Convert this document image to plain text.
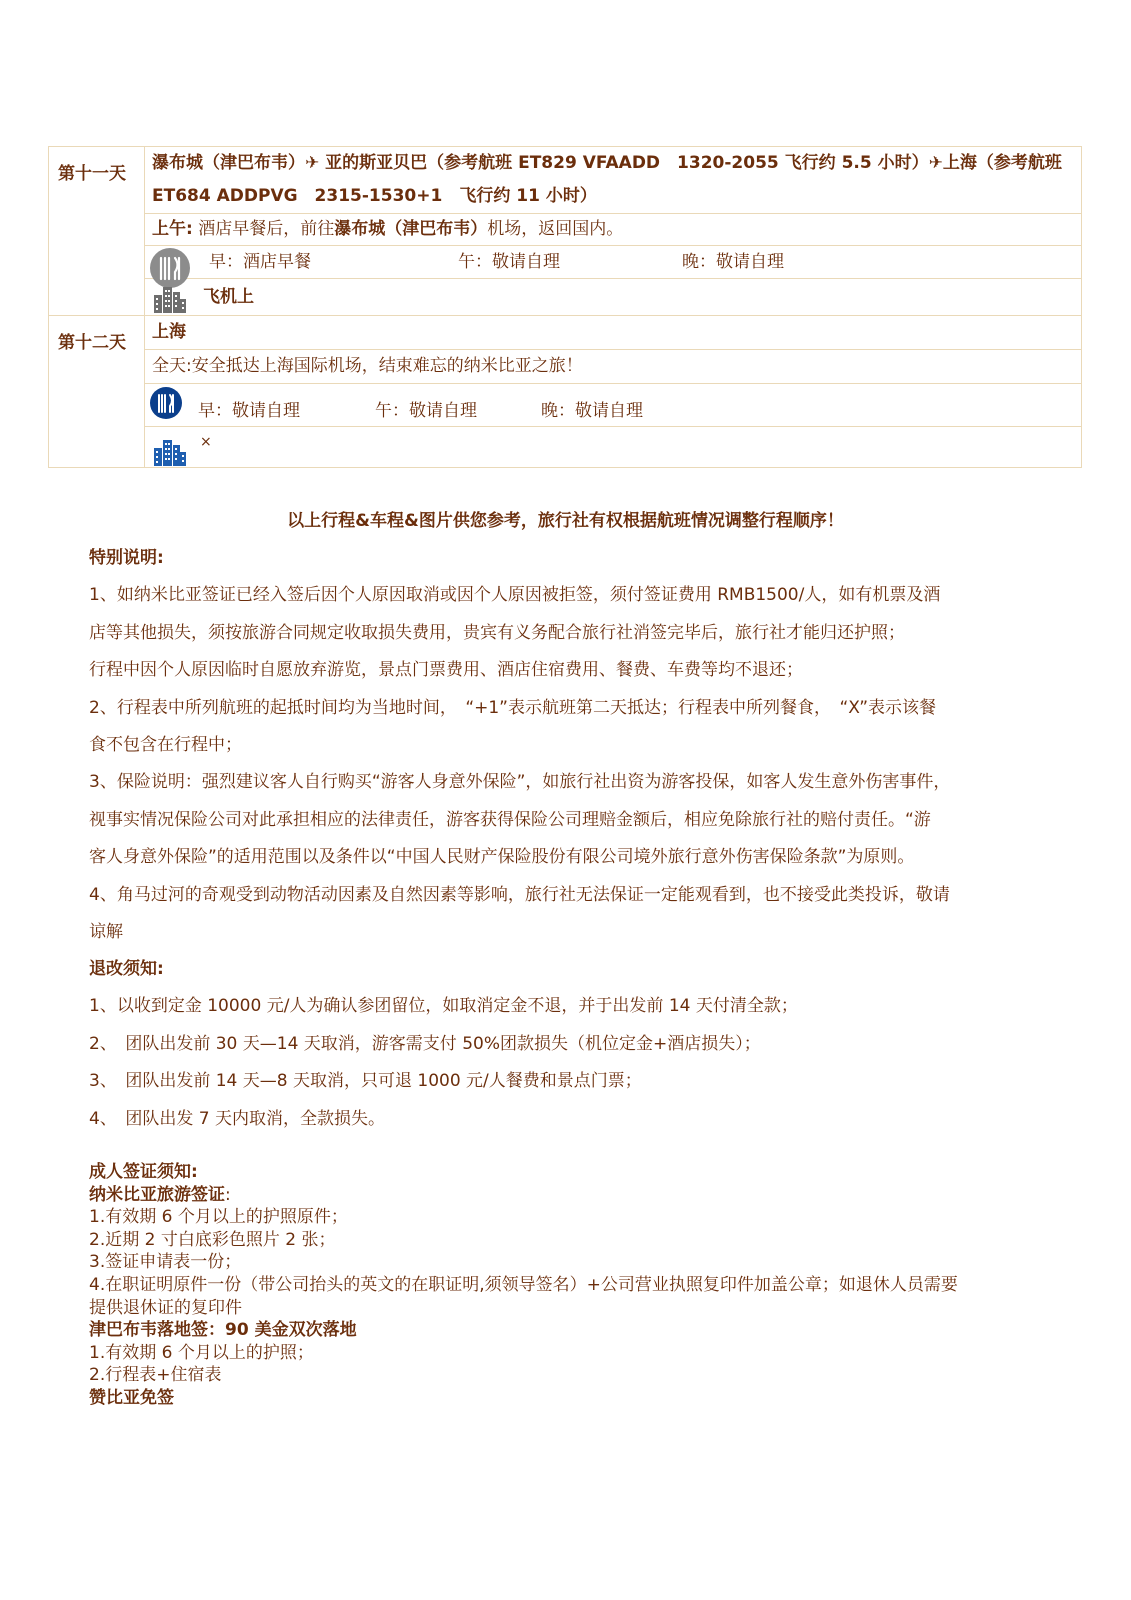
第十一天	瀑布城（津巴布韦）✈ 亚的斯亚贝巴（参考航班 ET829 VFAADD　1320-2055 飞行约 5.5 小时）✈上海（参考航班 ET684 ADDPVG　2315-1530+1　飞行约 11 小时）
	上午: 酒店早餐后，前往瀑布城（津巴布韦）机场，返回国内。

	早：酒店早餐 午：敬请自理 晚：敬请自理

	飞机上

第十二天	上海
	全天:安全抵达上海国际机场，结束难忘的纳米比亚之旅！

	早：敬请自理 午：敬请自理 晚：敬请自理

	×
以上行程&车程&图片供您参考，旅行社有权根据航班情况调整行程顺序！
特别说明:
1、如纳米比亚签证已经入签后因个人原因取消或因个人原因被拒签，须付签证费用 RMB1500/人，如有机票及酒
店等其他损失，须按旅游合同规定收取损失费用，贵宾有义务配合旅行社消签完毕后，旅行社才能归还护照；
行程中因个人原因临时自愿放弃游览，景点门票费用、酒店住宿费用、餐费、车费等均不退还；
2、行程表中所列航班的起抵时间均为当地时间，　“+1”表示航班第二天抵达；行程表中所列餐食，　“X”表示该餐
食不包含在行程中；
3、保险说明：强烈建议客人自行购买“游客人身意外保险”，如旅行社出资为游客投保，如客人发生意外伤害事件，
视事实情况保险公司对此承担相应的法律责任，游客获得保险公司理赔金额后，相应免除旅行社的赔付责任。“游
客人身意外保险”的适用范围以及条件以“中国人民财产保险股份有限公司境外旅行意外伤害保险条款”为原则。
4、角马过河的奇观受到动物活动因素及自然因素等影响，旅行社无法保证一定能观看到，也不接受此类投诉，敬请
谅解
退改须知:
1、以收到定金 10000 元/人为确认参团留位，如取消定金不退，并于出发前 14 天付清全款；
2、　团队出发前 30 天—14 天取消，游客需支付 50%团款损失（机位定金+酒店损失）；
3、　团队出发前 14 天—8 天取消，只可退 1000 元/人餐费和景点门票；
4、　团队出发 7 天内取消，全款损失。
成人签证须知:
纳米比亚旅游签证:
1.有效期 6 个月以上的护照原件；
2.近期 2 寸白底彩色照片 2 张；
3.签证申请表一份；
4.在职证明原件一份（带公司抬头的英文的在职证明,须领导签名）+公司营业执照复印件加盖公章；如退休人员需要
提供退休证的复印件
津巴布韦落地签：90 美金双次落地
1.有效期 6 个月以上的护照；
2.行程表+住宿表
赞比亚免签
